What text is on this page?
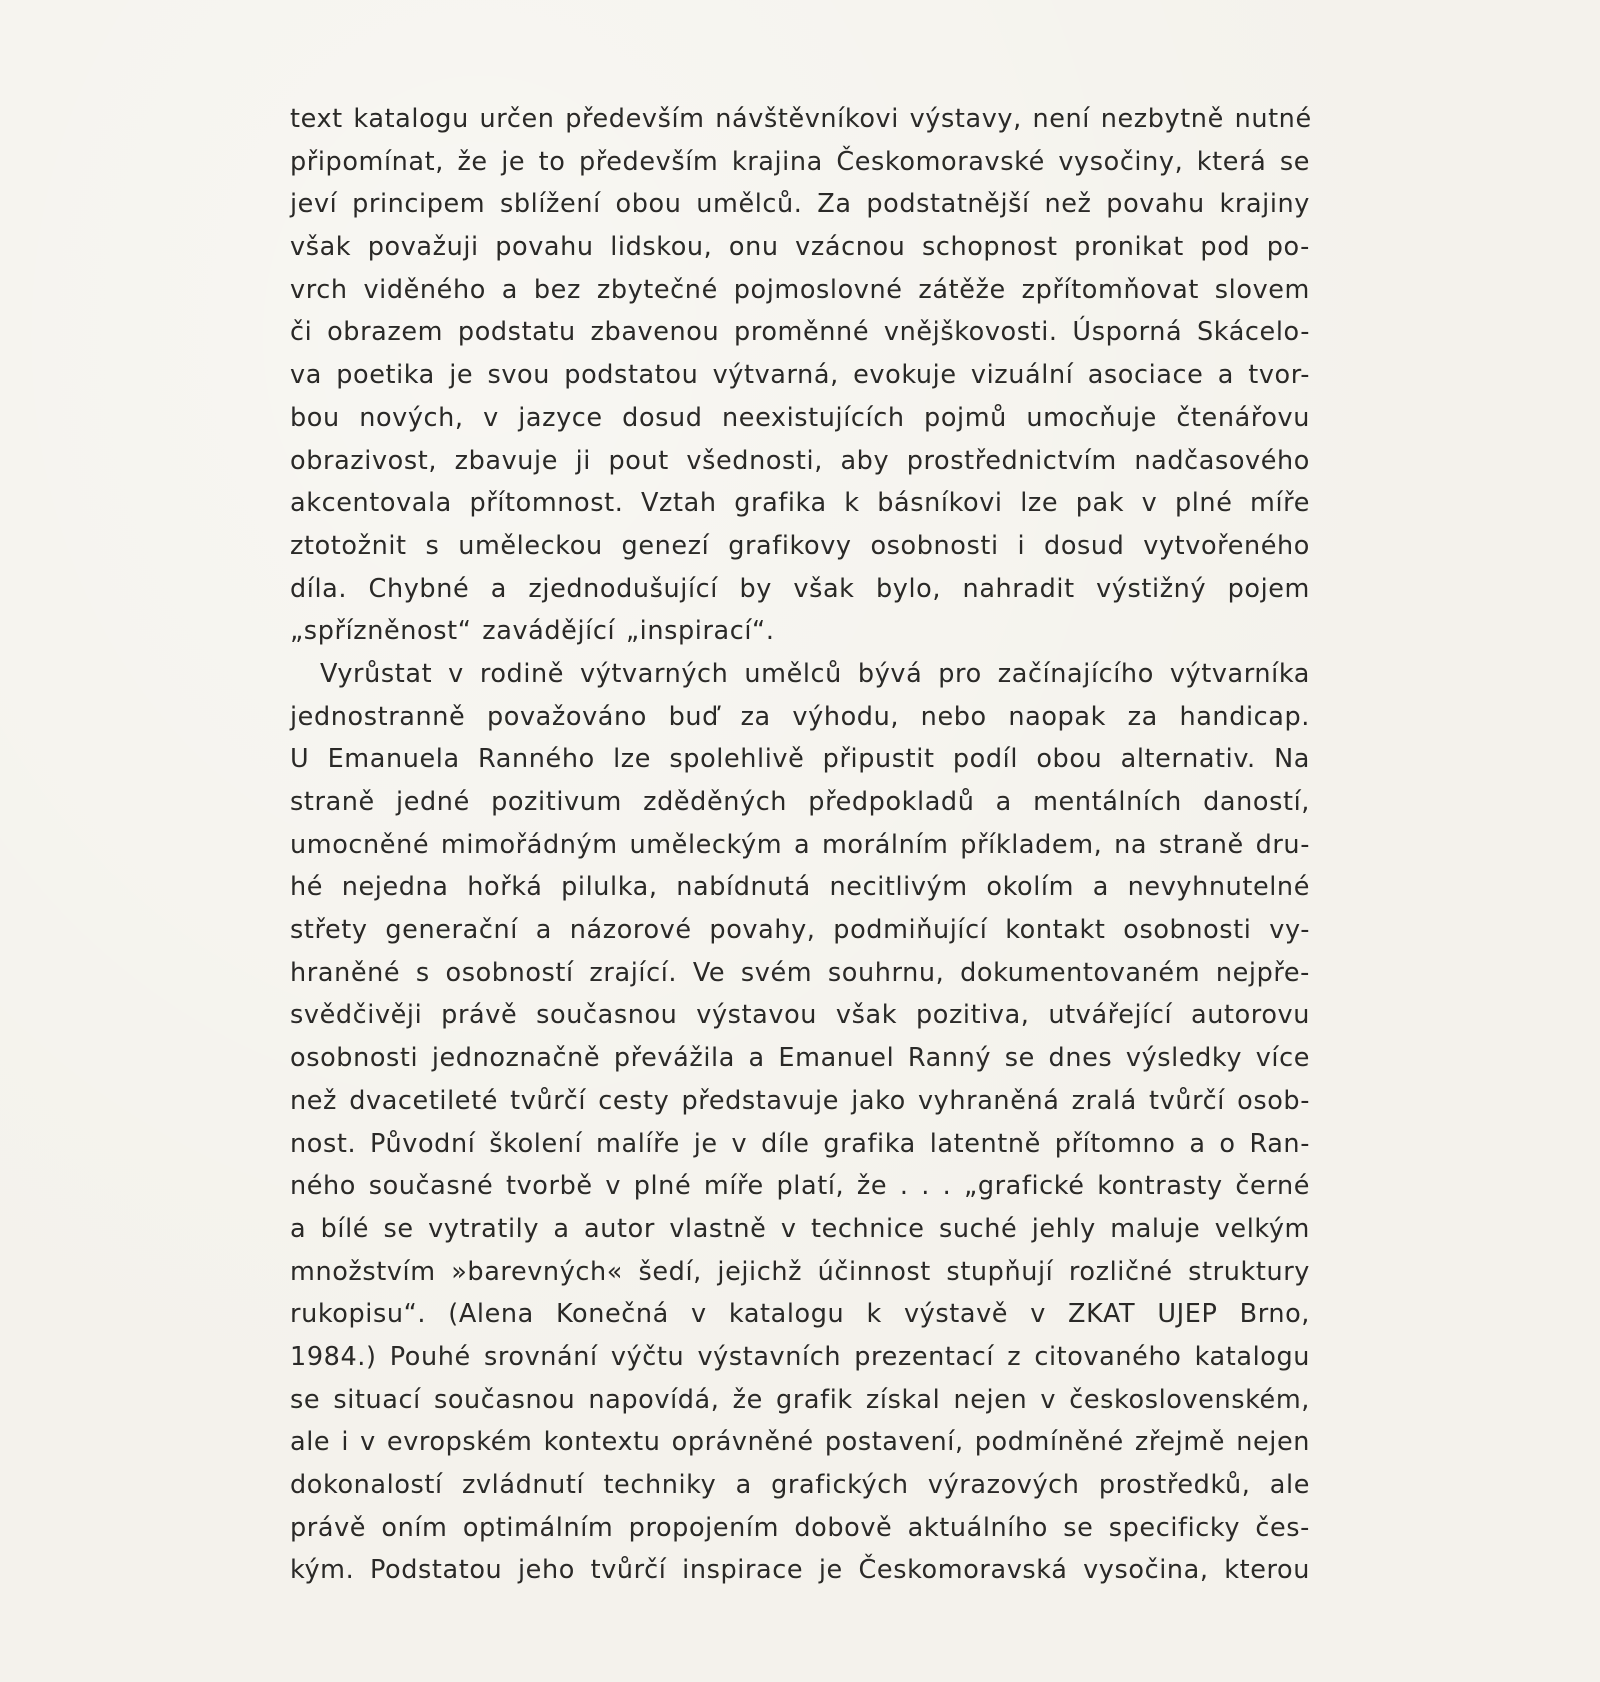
text katalogu určen především návštěvníkovi výstavy, není nezbytně nutné
připomínat, že je to především krajina Českomoravské vysočiny, která se
jeví principem sblížení obou umělců. Za podstatnější než povahu krajiny
však považuji povahu lidskou, onu vzácnou schopnost pronikat pod po-
vrch viděného a bez zbytečné pojmoslovné zátěže zpřítomňovat slovem
či obrazem podstatu zbavenou proměnné vnějškovosti. Úsporná Skácelo-
va poetika je svou podstatou výtvarná, evokuje vizuální asociace a tvor-
bou nových, v jazyce dosud neexistujících pojmů umocňuje čtenářovu
obrazivost, zbavuje ji pout všednosti, aby prostřednictvím nadčasového
akcentovala přítomnost. Vztah grafika k básníkovi lze pak v plné míře
ztotožnit s uměleckou genezí grafikovy osobnosti i dosud vytvořeného
díla. Chybné a zjednodušující by však bylo, nahradit výstižný pojem
„spřízněnost“ zavádějící „inspirací“.
Vyrůstat v rodině výtvarných umělců bývá pro začínajícího výtvarníka
jednostranně považováno buď za výhodu, nebo naopak za handicap.
U Emanuela Ranného lze spolehlivě připustit podíl obou alternativ. Na
straně jedné pozitivum zděděných předpokladů a mentálních daností,
umocněné mimořádným uměleckým a morálním příkladem, na straně dru-
hé nejedna hořká pilulka, nabídnutá necitlivým okolím a nevyhnutelné
střety generační a názorové povahy, podmiňující kontakt osobnosti vy-
hraněné s osobností zrající. Ve svém souhrnu, dokumentovaném nejpře-
svědčivěji právě současnou výstavou však pozitiva, utvářející autorovu
osobnosti jednoznačně převážila a Emanuel Ranný se dnes výsledky více
než dvacetileté tvůrčí cesty představuje jako vyhraněná zralá tvůrčí osob-
nost. Původní školení malíře je v díle grafika latentně přítomno a o Ran-
ného současné tvorbě v plné míře platí, že . . . „grafické kontrasty černé
a bílé se vytratily a autor vlastně v technice suché jehly maluje velkým
množstvím »barevných« šedí, jejichž účinnost stupňují rozličné struktury
rukopisu“. (Alena Konečná v katalogu k výstavě v ZKAT UJEP Brno,
1984.) Pouhé srovnání výčtu výstavních prezentací z citovaného katalogu
se situací současnou napovídá, že grafik získal nejen v československém,
ale i v evropském kontextu oprávněné postavení, podmíněné zřejmě nejen
dokonalostí zvládnutí techniky a grafických výrazových prostředků, ale
právě oním optimálním propojením dobově aktuálního se specificky čes-
kým. Podstatou jeho tvůrčí inspirace je Českomoravská vysočina, kterou
